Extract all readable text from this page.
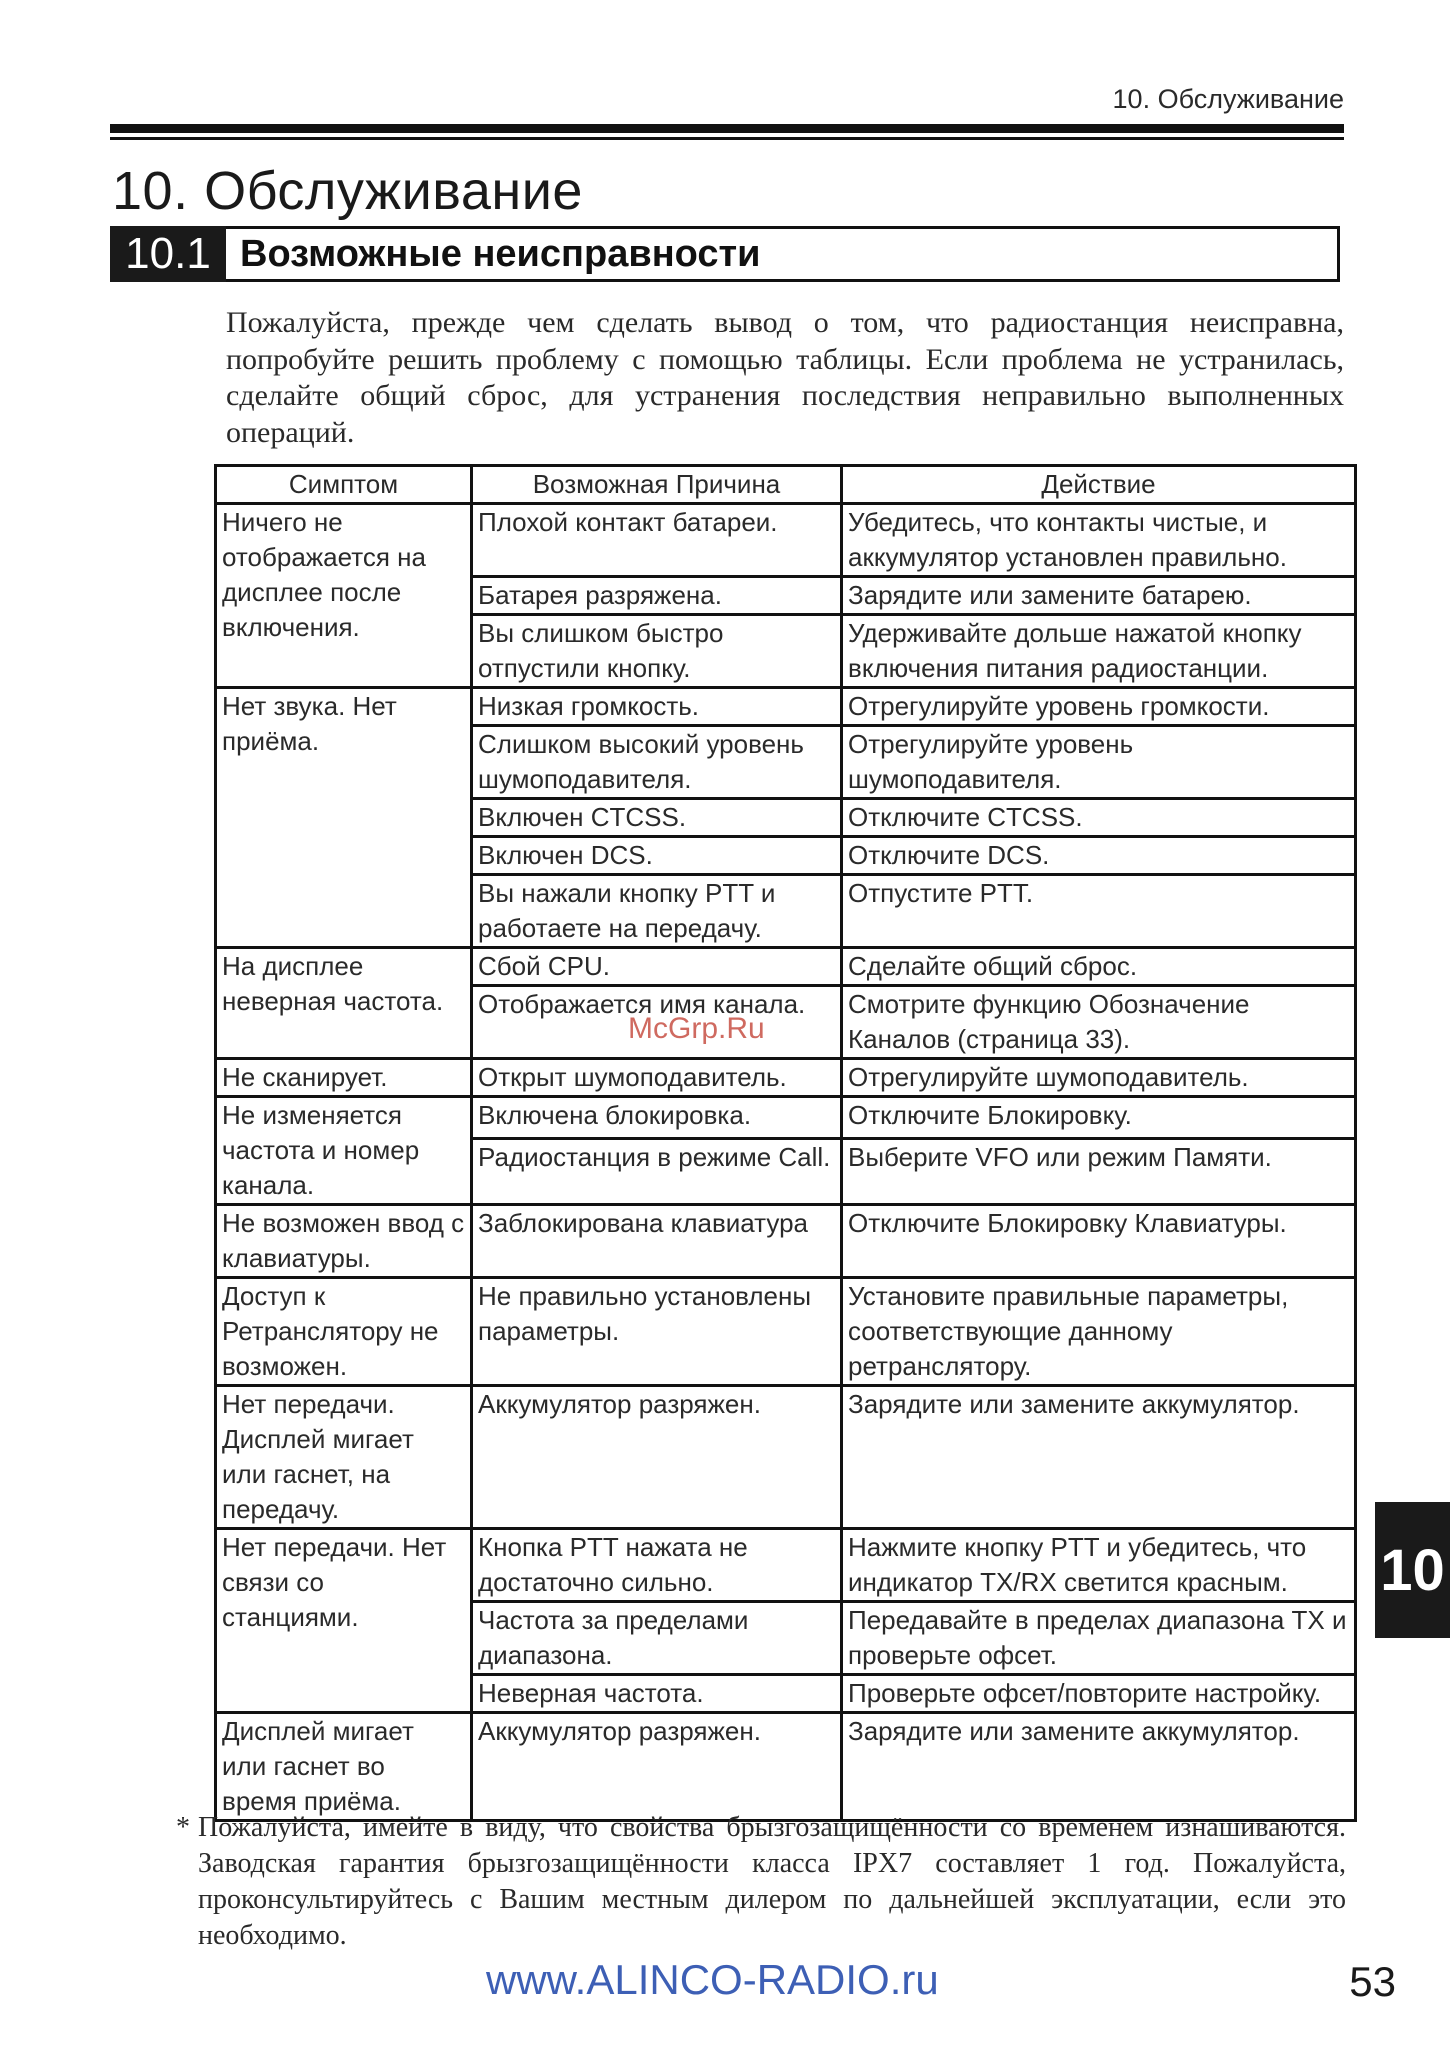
10. Обслуживание
10. Обслуживание
10.1 Возможные неисправности
Пожалуйста, прежде чем сделать вывод о том, что радиостанция неисправна, попробуйте решить проблему с помощью таблицы. Если проблема не устранилась, сделайте общий сброс, для устранения последствия неправильно выполненных операций.
Симптом	Возможная Причина	Действие
Ничего не отображается на дисплее после включения.	Плохой контакт батареи.	Убедитесь, что контакты чистые, и аккумулятор установлен правильно.
	Батарея разряжена.	Зарядите или замените батарею.
	Вы слишком быстро отпустили кнопку.	Удерживайте дольше нажатой кнопку включения питания радиостанции.
Нет звука. Нет приёма.	Низкая громкость.	Отрегулируйте уровень громкости.
	Слишком высокий уровень шумоподавителя.	Отрегулируйте уровень шумоподавителя.
	Включен CTCSS.	Отключите CTCSS.
	Включен DCS.	Отключите DCS.
	Вы нажали кнопку PTT и работаете на передачу.	Отпустите PTT.
На дисплее неверная частота.	Сбой CPU.	Сделайте общий сброс.
	Отображается имя канала.	Смотрите функцию Обозначение Каналов (страница 33).
Не сканирует.	Открыт шумоподавитель.	Отрегулируйте шумоподавитель.
Не изменяется частота и номер канала.	Включена блокировка.	Отключите Блокировку.
	Радиостанция в режиме Call.	Выберите VFO или режим Памяти.
Не возможен ввод с клавиатуры.	Заблокирована клавиатура	Отключите Блокировку Клавиатуры.
Доступ к Ретранслятору не возможен.	Не правильно установлены параметры.	Установите правильные параметры, соответствующие данному ретранслятору.
Нет передачи. Дисплей мигает или гаснет, на передачу.	Аккумулятор разряжен.	Зарядите или замените аккумулятор.
Нет передачи. Нет связи со станциями.	Кнопка PTT нажата не достаточно сильно.	Нажмите кнопку PTT и убедитесь, что индикатор TX/RX светится красным.
	Частота за пределами диапазона.	Передавайте в пределах диапазона TX и проверьте офсет.
	Неверная частота.	Проверьте офсет/повторите настройку.
Дисплей мигает или гаснет во время приёма.	Аккумулятор разряжен.	Зарядите или замените аккумулятор.
McGrp.Ru
10
* Пожалуйста, имейте в виду, что свойства брызгозащищённости со временем изнашиваются. Заводская гарантия брызгозащищённости класса IPX7 составляет 1 год. Пожалуйста, проконсультируйтесь с Вашим местным дилером по дальнейшей эксплуатации, если это необходимо.
www.ALINCO-RADIO.ru	53
